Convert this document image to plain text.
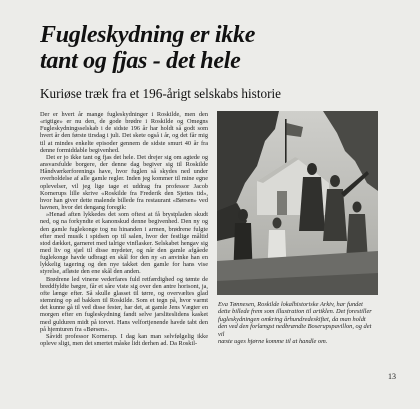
Fugleskydning er ikke
tant og fjas - det hele
Kuriøse træk fra et 196-årigt selskabs historie

Der er hvert år mange fugleskydninger i Roskilde, men den «rigtige» er nu den, de gode brødre i Roskilde og Omegns Fugleskydningsselskab i de sidste 196 år har holdt så godt som hvert år den første tirsdag i juli. Det skete også i år, og det får mig til at mindes enkelte episoder gennem de sidste smurt 40 år fra denne formiddable begivenhed.

Det er jo ikke tant og fjas det hele. Det drejer sig om agtede og ansvarsfulde borgere, der denne dag begiver sig til Roskilde Håndværkerforenings have, hvor fuglen så skydes ned under overholdelse af alle gamle regler. Inden jeg kommer til mine egne oplevelser, vil jeg lige tage et uddrag fra professor Jacob Kornerups lille skrive «Roskilde fra Frederik den Sjettes tid», hvor han giver dette malende billede fra restaurant «Børsen» ved havnen, hvor det dengang foregik:

»Henad aften lykkedes det som oftest at få brystpladen skudt ned, og na forkyndte et kanonskud denne begivenhed. Den ny og den gamle fuglekonge tog nu hinanden i armen, brødrene fulgte efter med musik i spidsen op til salen, hvor der festlige måltid stod dækket, garneret med talrige vinflasker. Selskabet hengav sig med liv og sjæl til disse mydeter, og når den gamle afgåede fuglekonge havde udbragt en skål for den ny «n anvinke han en lykkelig tagering og den nye takket den gamle for hans vise styrelse, afløste den ene skål den anden.

Brødrene led vinene vederfares fuld retfærdighed og tømte de breddfyldte bægre, får et såre viste sig over den antre horisont, ja, ofte længe efter. Så skulle glasset til tørre, og overvæltes glad stemning op ad bakken til Roskilde. Som et tegn på, hvor varmt det kunne gå til ved disse fester, har det, at gamle Jens Vægter en morgen efter en fugleskydning fandt selve jarsliteslidens kasket med gulduren midt på torvet. Hans velfortjenende havde tabt den på hjemturen fra «Børsen».

Såvidt professor Kornerup. I dag kan man selvfølgelig ikke opleve sligt, men det smertet måske lidt derhen ad. Da Roskil-

Eva Tønnesen, Roskilde lokalhistoriske Arkiv, har fundet
dette billede frem som illustration til artiklen. Det forestiller
fugleskydningen omkring århundredeskiftet, da man holdt
den ved den forlængst nedbrændte Boserupspavillon, og det vil
næste uges hjørne komme til at handle om.
13
